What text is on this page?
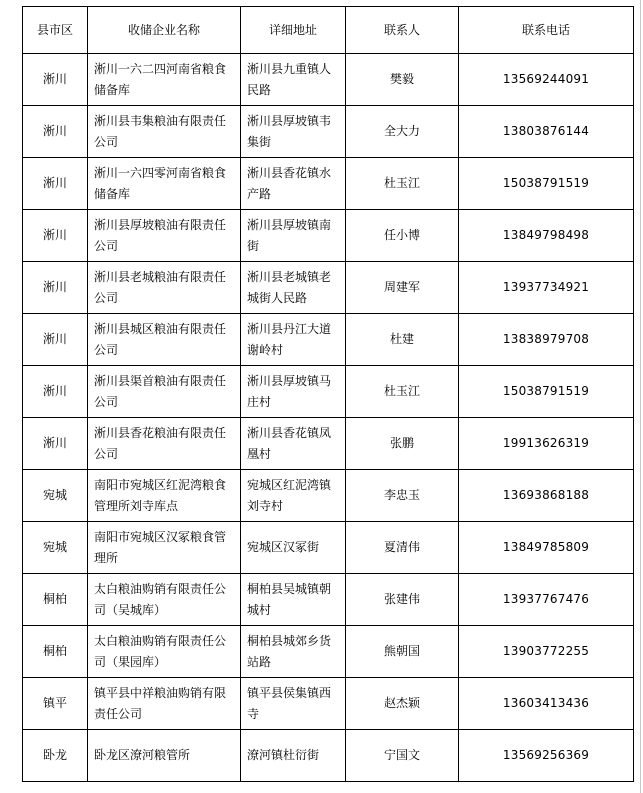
县市区	收储企业名称	详细地址	联系人	联系电话
淅川	淅川一六二四河南省粮食储备库	淅川县九重镇人民路	樊毅	13569244091
淅川	淅川县韦集粮油有限责任公司	淅川县厚坡镇韦集街	全大力	13803876144
淅川	淅川一六四零河南省粮食储备库	淅川县香花镇水产路	杜玉江	15038791519
淅川	淅川县厚坡粮油有限责任公司	淅川县厚坡镇南街	任小博	13849798498
淅川	淅川县老城粮油有限责任公司	淅川县老城镇老城街人民路	周建军	13937734921
淅川	淅川县城区粮油有限责任公司	淅川县丹江大道谢岭村	杜建	13838979708
淅川	淅川县渠首粮油有限责任公司	淅川县厚坡镇马庄村	杜玉江	15038791519
淅川	淅川县香花粮油有限责任公司	淅川县香花镇凤凰村	张鹏	19913626319
宛城	南阳市宛城区红泥湾粮食管理所刘寺库点	宛城区红泥湾镇刘寺村	李忠玉	13693868188
宛城	南阳市宛城区汉冢粮食管理所	宛城区汉冢街	夏清伟	13849785809
桐柏	太白粮油购销有限责任公司（吴城库）	桐柏县吴城镇朝城村	张建伟	13937767476
桐柏	太白粮油购销有限责任公司（果园库）	桐柏县城郊乡货站路	熊朝国	13903772255
镇平	镇平县中祥粮油购销有限责任公司	镇平县侯集镇西寺	赵杰颖	13603413436
卧龙	卧龙区潦河粮管所	潦河镇杜衍街	宁国文	13569256369
